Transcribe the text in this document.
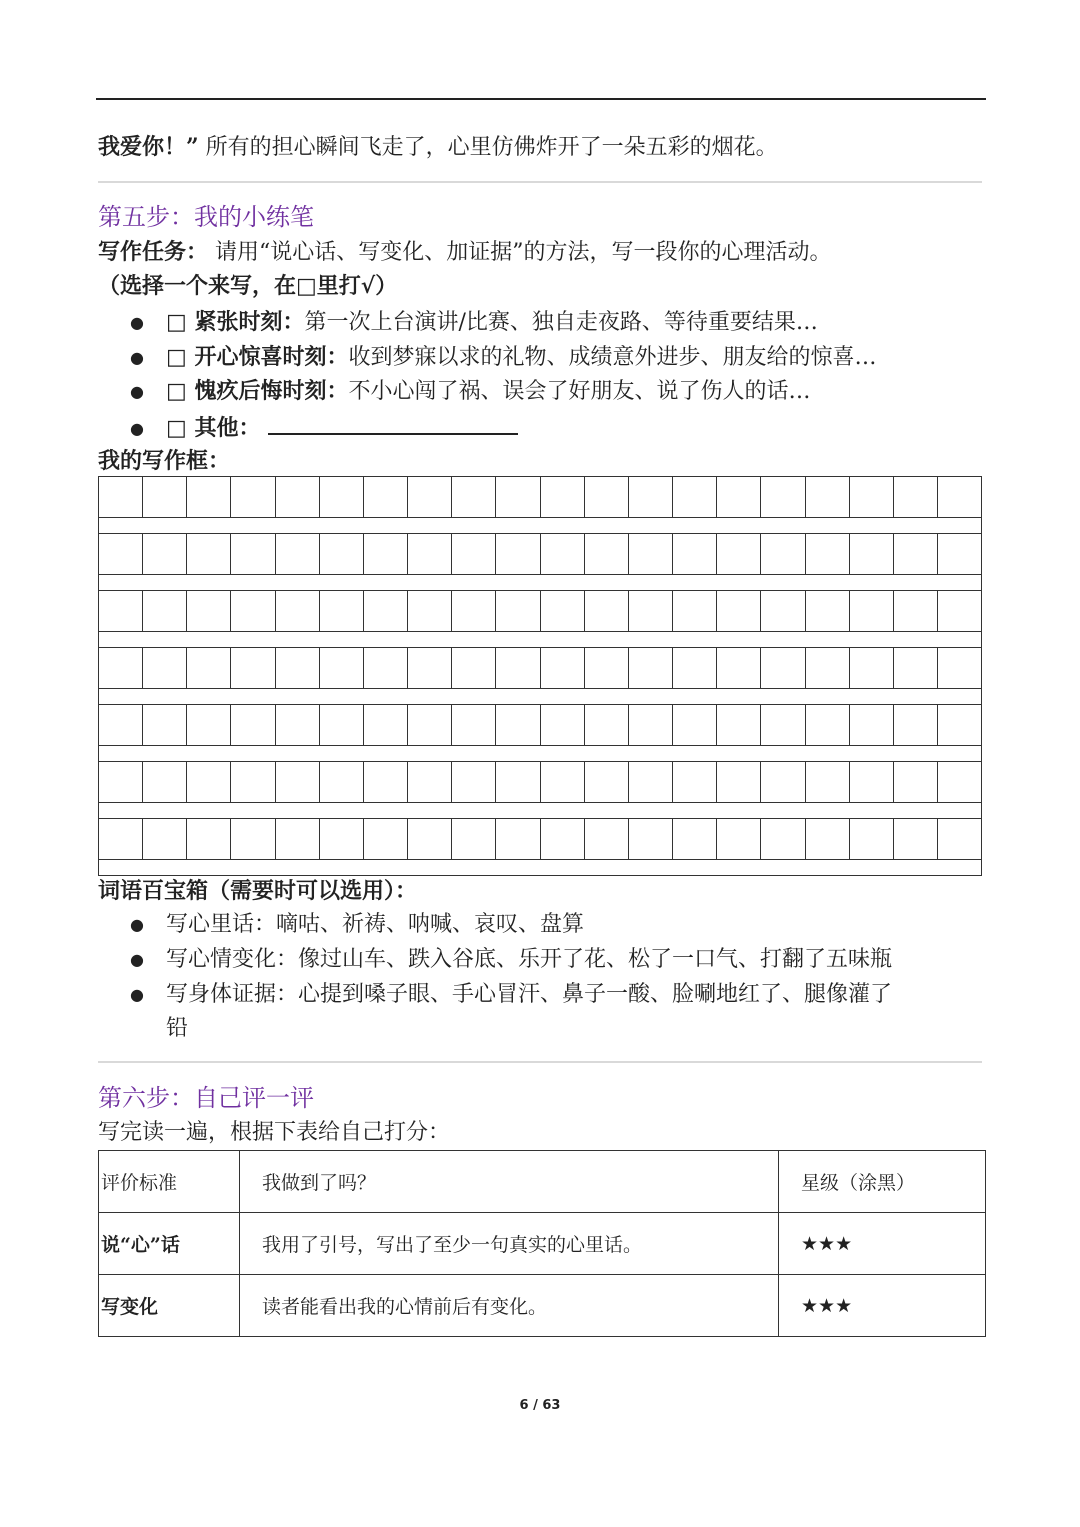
我爱你！” 所有的担心瞬间飞走了，心里仿佛炸开了一朵五彩的烟花。
第五步：我的小练笔
写作任务： 请用“说心话、写变化、加证据”的方法，写一段你的心理活动。
（选择一个来写，在□里打√）
● □ 紧张时刻：第一次上台演讲/比赛、独自走夜路、等待重要结果…
● □ 开心惊喜时刻：收到梦寐以求的礼物、成绩意外进步、朋友给的惊喜…
● □ 愧疚后悔时刻：不小心闯了祸、误会了好朋友、说了伤人的话…
● □ 其他：
我的写作框：
词语百宝箱（需要时可以选用）：
● 写心里话：嘀咕、祈祷、呐喊、哀叹、盘算
● 写心情变化：像过山车、跌入谷底、乐开了花、松了一口气、打翻了五味瓶
● 写身体证据：心提到嗓子眼、手心冒汗、鼻子一酸、脸唰地红了、腿像灌了
铅
第六步：自己评一评
写完读一遍，根据下表给自己打分：
评价标准	我做到了吗？	星级（涂黑）
说“心”话	我用了引号，写出了至少一句真实的心里话。	★★★
写变化	读者能看出我的心情前后有变化。	★★★
6 / 63
